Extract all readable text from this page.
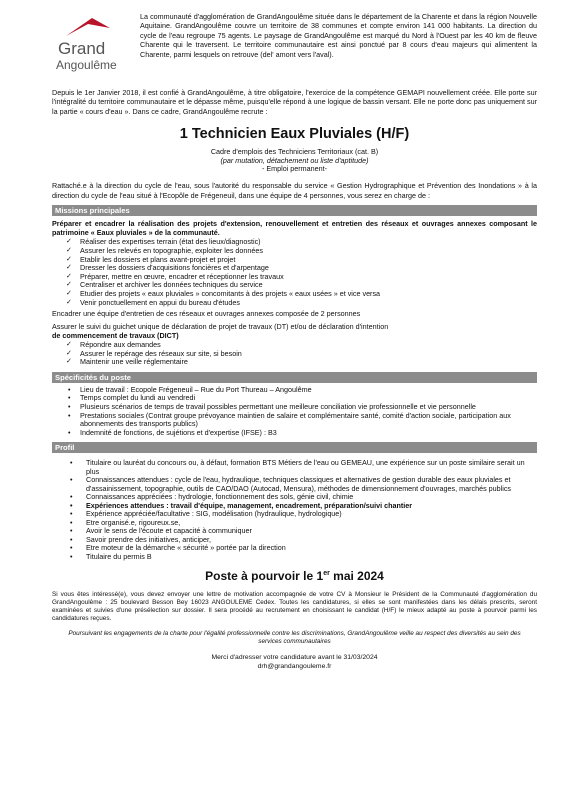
Grand
Angoulême
La communauté d'agglomération de GrandAngoulême située dans le département de la Charente et dans la région Nouvelle Aquitaine. GrandAngoulême couvre un territoire de 38 communes et compte environ 141 000 habitants. La direction du cycle de l'eau regroupe 75 agents. Le paysage de GrandAngoulême est marqué du Nord à l'Ouest par les 40 km de fleuve Charente qui le traversent. Le territoire communautaire est ainsi ponctué par 8 cours d'eau majeurs qui alimentent la Charente, parmi lesquels on retrouve (del' amont vers l'aval).

Depuis le 1er Janvier 2018, il est confié à GrandAngoulême, à titre obligatoire, l'exercice de la compétence GEMAPI nouvellement créée. Elle porte sur l'intégralité du territoire communautaire et le dépasse même, puisqu'elle répond à une logique de bassin versant. Elle ne porte donc pas uniquement sur la partie « cours d'eau ». Dans ce cadre, GrandAngoulême recrute :

1 Technicien Eaux Pluviales (H/F)
Cadre d'emplois des Techniciens Territoriaux (cat. B)
(par mutation, détachement ou liste d'aptitude)
- Emploi permanent-

Rattaché.e à la direction du cycle de l'eau, sous l'autorité du responsable du service « Gestion Hydrographique et Prévention des Inondations » à la direction du cycle de l'eau situé à l'Ecopôle de Frégeneuil, dans une équipe de 4 personnes, vous serez en charge de :

Missions principales

Préparer et encadrer la réalisation des projets d'extension, renouvellement et entretien des réseaux et ouvrages annexes composant le patrimoine « Eaux pluviales » de la communauté.

✓ Réaliser des expertises terrain (état des lieux/diagnostic)
✓ Assurer les relevés en topographie, exploiter les données
✓ Etablir les dossiers et plans avant-projet et projet
✓ Dresser les dossiers d'acquisitions foncières et d'arpentage
✓ Préparer, mettre en œuvre, encadrer et réceptionner les travaux
✓ Centraliser et archiver les données techniques du service
✓ Etudier des projets « eaux pluviales » concomitants à des projets « eaux usées » et vice versa
✓ Venir ponctuellement en appui du bureau d'études

Encadrer une équipe d'entretien de ces réseaux et ouvrages annexes composée de 2 personnes

Assurer le suivi du guichet unique de déclaration de projet de travaux (DT) et/ou de déclaration d'intention

de commencement de travaux (DICT)

✓ Répondre aux demandes
✓ Assurer le repérage des réseaux sur site, si besoin
✓ Maintenir une veille réglementaire
Spécificités du poste
• Lieu de travail : Ecopole Frégeneuil – Rue du Port Thureau – Angoulême
• Temps complet du lundi au vendredi
• Plusieurs scénarios de temps de travail possibles permettant une meilleure conciliation vie professionnelle et vie personnelle
• Prestations sociales (Contrat groupe prévoyance maintien de salaire et complémentaire santé, comité d'action sociale, participation aux abonnements des transports publics)
• Indemnité de fonctions, de sujétions et d'expertise (IFSE) : B3
Profil
• Titulaire ou lauréat du concours ou, à défaut, formation BTS Métiers de l'eau ou GEMEAU, une expérience sur un poste similaire serait un plus
• Connaissances attendues : cycle de l'eau, hydraulique, techniques classiques et alternatives de gestion durable des eaux pluviales et d'assainissement, topographie, outils de CAO/DAO (Autocad, Mensura), méthodes de dimensionnement d'ouvrages, marchés publics
• Connaissances appréciées : hydrologie, fonctionnement des sols, génie civil, chimie
• Expériences attendues : travail d'équipe, management, encadrement, préparation/suivi chantier
• Expérience appréciée/facultative : SIG, modélisation (hydraulique, hydrologique)
• Etre organisé.e, rigoureux.se,
• Avoir le sens de l'écoute et capacité à communiquer
• Savoir prendre des initiatives, anticiper,
• Etre moteur de la démarche « sécurité » portée par la direction
• Titulaire du permis B
Poste à pourvoir le 1er mai 2024

Si vous êtes intéressé(e), vous devez envoyer une lettre de motivation accompagnée de votre CV à Monsieur le Président de la Communauté d'agglomération du GrandAngoulême : 25 boulevard Besson Bey 16023 ANGOULEME Cedex. Toutes les candidatures, si elles se sont manifestées dans les délais prescrits, seront examinées et suivies d'une présélection sur dossier. Il sera procédé au recrutement en choisissant le candidat (H/F) le mieux adapté au poste à pourvoir parmi les candidatures reçues.

Poursuivant les engagements de la charte pour l'égalité professionnelle contre les discriminations, GrandAngoulême veille au respect des diversités au sein des services communautaires

Merci d'adresser votre candidature avant le 31/03/2024
drh@grandangouleme.fr
